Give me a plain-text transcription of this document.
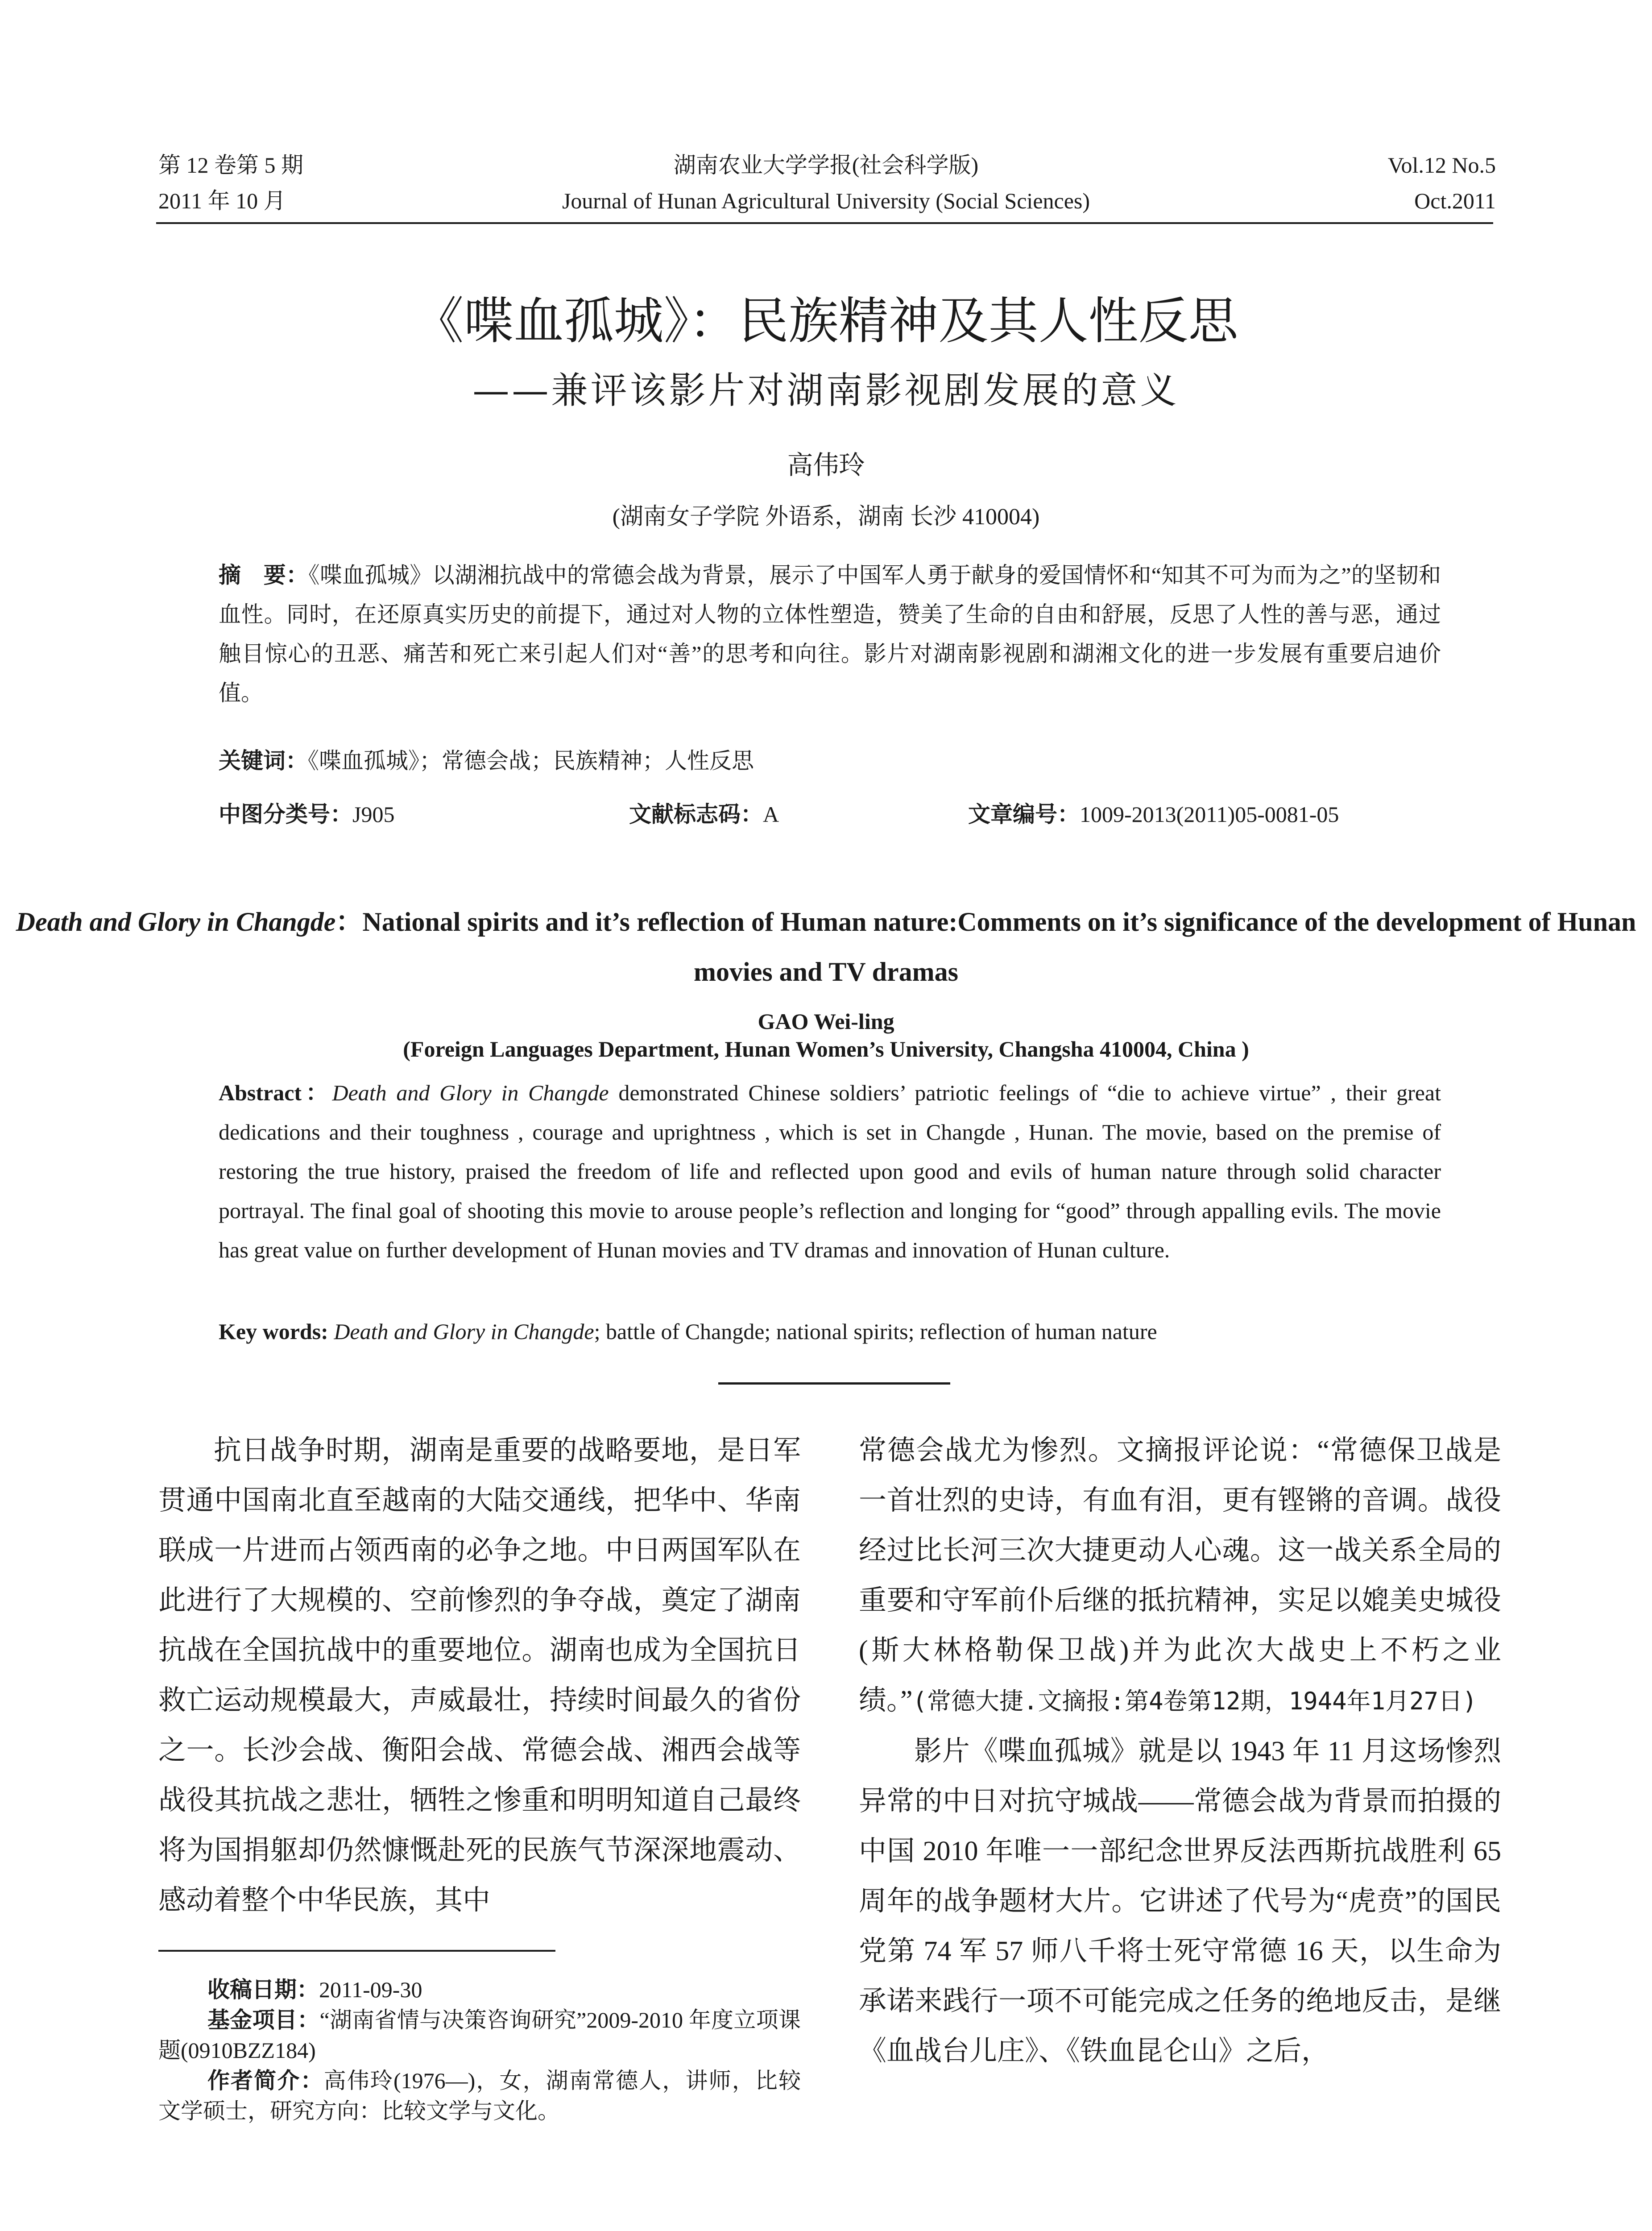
第 12 卷第 5 期
2011 年 10 月
湖南农业大学学报(社会科学版)
Journal of Hunan Agricultural University (Social Sciences)
Vol.12 No.5
Oct.2011
《喋血孤城》：民族精神及其人性反思
——兼评该影片对湖南影视剧发展的意义
高伟玲
(湖南女子学院 外语系，湖南 长沙 410004)
摘　要：《喋血孤城》以湖湘抗战中的常德会战为背景，展示了中国军人勇于献身的爱国情怀和“知其不可为而为之”的坚韧和血性。同时，在还原真实历史的前提下，通过对人物的立体性塑造，赞美了生命的自由和舒展，反思了人性的善与恶，通过触目惊心的丑恶、痛苦和死亡来引起人们对“善”的思考和向往。影片对湖南影视剧和湖湘文化的进一步发展有重要启迪价值。
关键词：《喋血孤城》；常德会战；民族精神；人性反思
中图分类号：J905	文献标志码：A	文章编号：1009-2013(2011)05-0081-05
Death and Glory in Changde：National spirits and it’s reflection of Human nature:Comments on it’s significance of the development of Hunan movies and TV dramas
GAO Wei-ling
(Foreign Languages Department, Hunan Women’s University, Changsha 410004, China )
Abstract：Death and Glory in Changde demonstrated Chinese soldiers’ patriotic feelings of “die to achieve virtue” , their great dedications and their toughness , courage and uprightness , which is set in Changde , Hunan. The movie, based on the premise of restoring the true history, praised the freedom of life and reflected upon good and evils of human nature through solid character portrayal. The final goal of shooting this movie to arouse people’s reflection and longing for “good” through appalling evils. The movie has great value on further development of Hunan movies and TV dramas and innovation of Hunan culture.
Key words: Death and Glory in Changde; battle of Changde; national spirits; reflection of human nature

抗日战争时期，湖南是重要的战略要地，是日军贯通中国南北直至越南的大陆交通线，把华中、华南联成一片进而占领西南的必争之地。中日两国军队在此进行了大规模的、空前惨烈的争夺战，奠定了湖南抗战在全国抗战中的重要地位。湖南也成为全国抗日救亡运动规模最大，声威最壮，持续时间最久的省份之一。长沙会战、衡阳会战、常德会战、湘西会战等战役其抗战之悲壮，牺牲之惨重和明明知道自己最终将为国捐躯却仍然慷慨赴死的民族气节深深地震动、感动着整个中华民族，其中

常德会战尤为惨烈。文摘报评论说：“常德保卫战是一首壮烈的史诗，有血有泪，更有铿锵的音调。战役经过比长河三次大捷更动人心魂。这一战关系全局的重要和守军前仆后继的抵抗精神，实足以媲美史城役(斯大林格勒保卫战)并为此次大战史上不朽之业绩。”(常德大捷.文摘报:第4卷第12期，1944年1月27日)

影片《喋血孤城》就是以 1943 年 11 月这场惨烈异常的中日对抗守城战——常德会战为背景而拍摄的中国 2010 年唯一一部纪念世界反法西斯抗战胜利 65 周年的战争题材大片。它讲述了代号为“虎贲”的国民党第 74 军 57 师八千将士死守常德 16 天，以生命为承诺来践行一项不可能完成之任务的绝地反击，是继《血战台儿庄》、《铁血昆仑山》之后，

收稿日期：2011-09-30

基金项目：“湖南省情与决策咨询研究”2009-2010 年度立项课题(0910BZZ184)

作者简介：高伟玲(1976—)，女，湖南常德人，讲师，比较文学硕士，研究方向：比较文学与文化。
